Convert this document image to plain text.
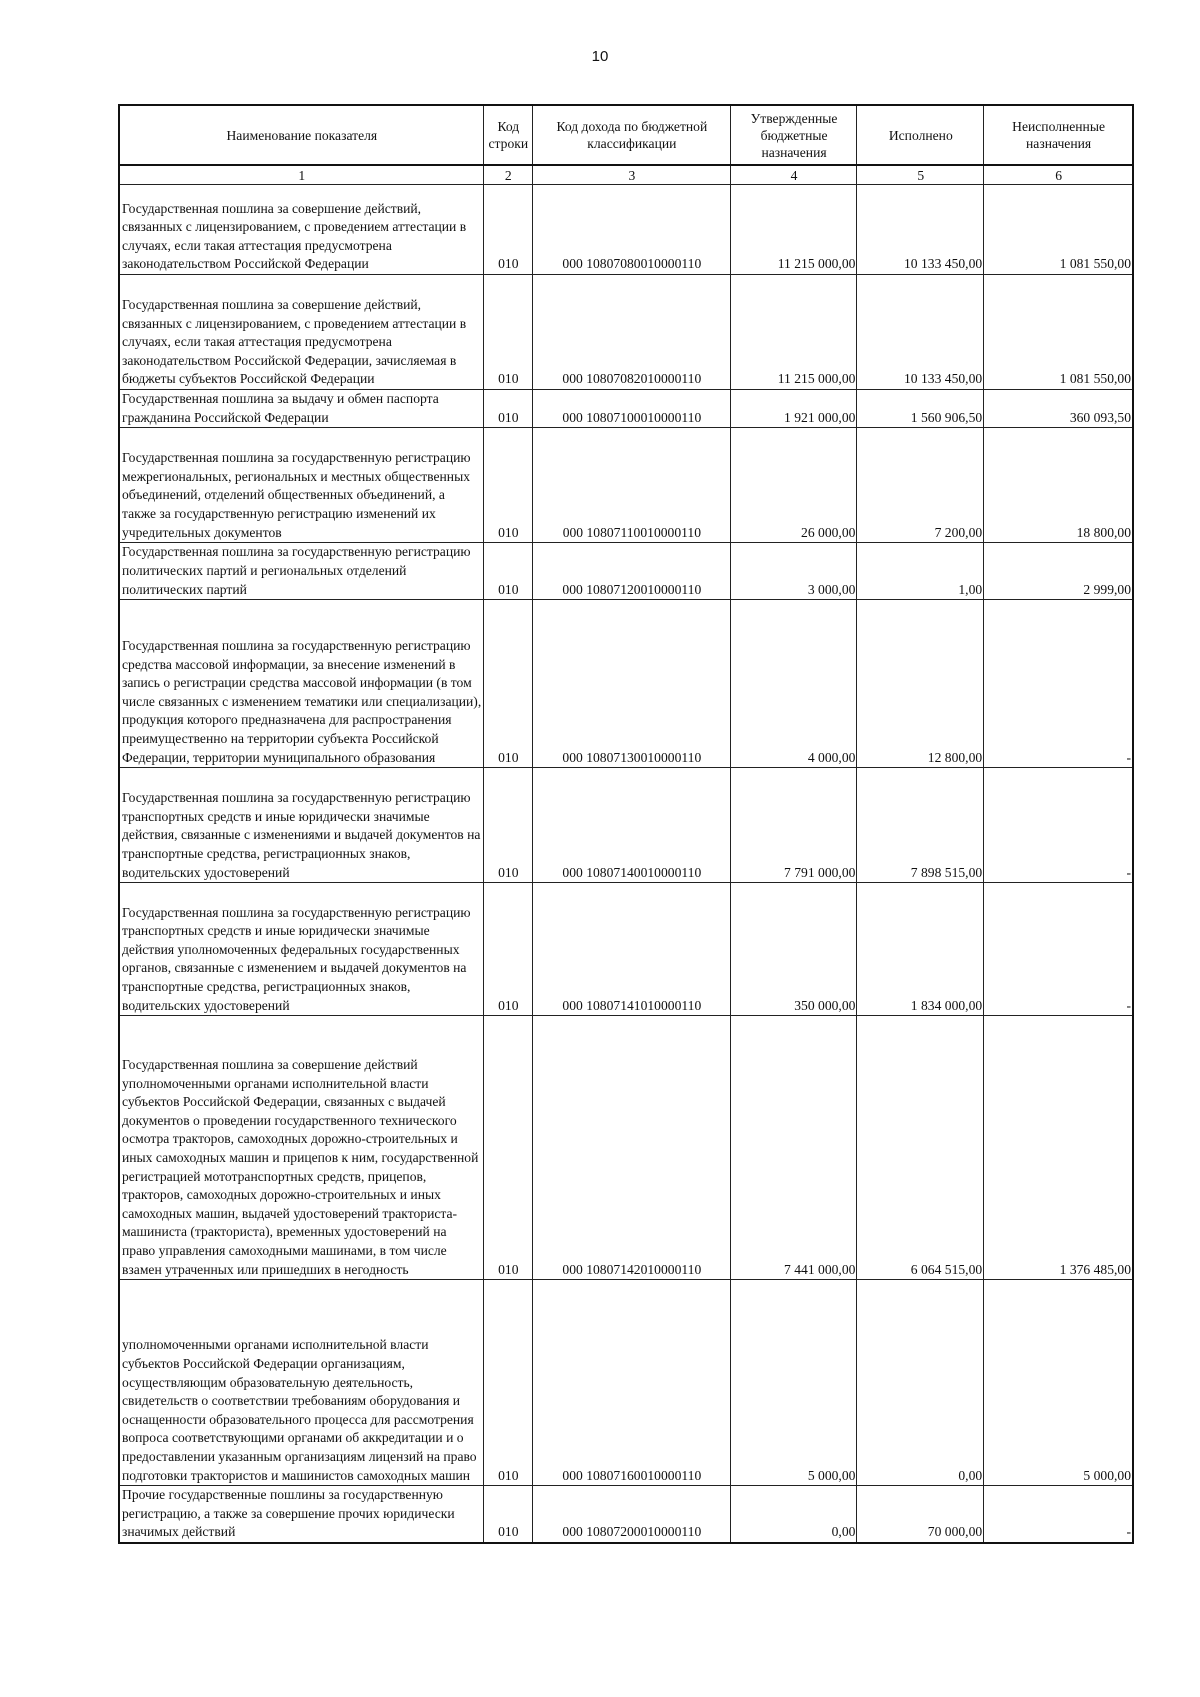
10
Наименование показателя	Код строки	Код дохода по бюджетной классификации	Утвержденные бюджетные назначения	Исполнено	Неисполненные назначения
1	2	3	4	5	6
Государственная пошлина за совершение действий, связанных с лицензированием, с проведением аттестации в случаях, если такая аттестация предусмотрена законодательством Российской Федерации	010	000 10807080010000110	11 215 000,00	10 133 450,00	1 081 550,00
Государственная пошлина за совершение действий, связанных с лицензированием, с проведением аттестации в случаях, если такая аттестация предусмотрена законодательством Российской Федерации, зачисляемая в бюджеты субъектов Российской Федерации	010	000 10807082010000110	11 215 000,00	10 133 450,00	1 081 550,00
Государственная пошлина за выдачу и обмен паспорта гражданина Российской Федерации	010	000 10807100010000110	1 921 000,00	1 560 906,50	360 093,50
Государственная пошлина за государственную регистрацию межрегиональных, региональных и местных общественных объединений, отделений общественных объединений, а также за государственную регистрацию изменений их учредительных документов	010	000 10807110010000110	26 000,00	7 200,00	18 800,00
Государственная пошлина за государственную регистрацию политических партий и региональных отделений политических партий	010	000 10807120010000110	3 000,00	1,00	2 999,00
Государственная пошлина за государственную регистрацию средства массовой информации, за внесение изменений в запись о регистрации средства массовой информации (в том числе связанных с изменением тематики или специализации), продукция которого предназначена для распространения преимущественно на территории субъекта Российской Федерации, территории муниципального образования	010	000 10807130010000110	4 000,00	12 800,00	-
Государственная пошлина за государственную регистрацию транспортных средств и иные юридически значимые действия, связанные с изменениями и выдачей документов на транспортные средства, регистрационных знаков, водительских удостоверений	010	000 10807140010000110	7 791 000,00	7 898 515,00	-
Государственная пошлина за государственную регистрацию транспортных средств и иные юридически значимые действия уполномоченных федеральных государственных органов, связанные с изменением и выдачей документов на транспортные средства, регистрационных знаков, водительских удостоверений	010	000 10807141010000110	350 000,00	1 834 000,00	-
Государственная пошлина за совершение действий уполномоченными органами исполнительной власти субъектов Российской Федерации, связанных с выдачей документов о проведении государственного технического осмотра тракторов, самоходных дорожно-строительных и иных самоходных машин и прицепов к ним, государственной регистрацией мототранспортных средств, прицепов, тракторов, самоходных дорожно-строительных и иных самоходных машин, выдачей удостоверений тракториста-машиниста (тракториста), временных удостоверений на право управления самоходными машинами, в том числе взамен утраченных или пришедших в негодность	010	000 10807142010000110	7 441 000,00	6 064 515,00	1 376 485,00
уполномоченными органами исполнительной власти субъектов Российской Федерации организациям, осуществляющим образовательную деятельность, свидетельств о соответствии требованиям оборудования и оснащенности образовательного процесса для рассмотрения вопроса соответствующими органами об аккредитации и о предоставлении указанным организациям лицензий на право подготовки трактористов и машинистов самоходных машин	010	000 10807160010000110	5 000,00	0,00	5 000,00
Прочие государственные пошлины за государственную регистрацию, а также за совершение прочих юридически значимых действий	010	000 10807200010000110	0,00	70 000,00	-
